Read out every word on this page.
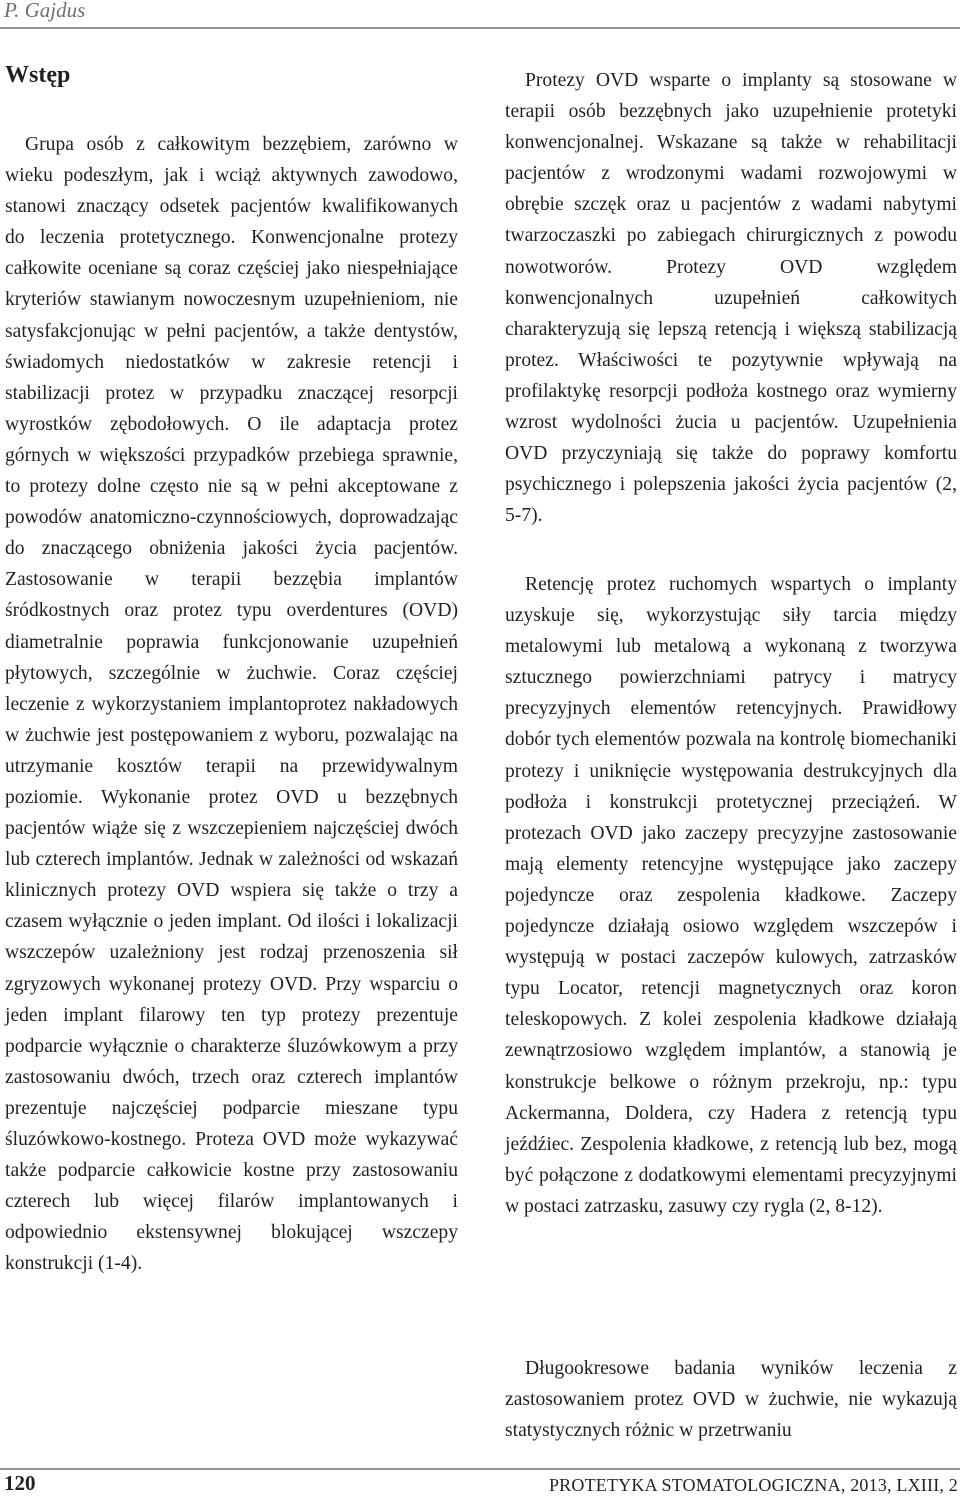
P. Gajdus
Wstęp

Grupa osób z całkowitym bezzębiem, zarówno w wieku podeszłym, jak i wciąż aktywnych zawodowo, stanowi znaczący odsetek pacjentów kwalifikowanych do leczenia protetycznego. Konwencjonalne protezy całkowite oceniane są coraz częściej jako niespełniające kryteriów stawianym nowoczesnym uzupełnieniom, nie satysfakcjonując w pełni pacjentów, a także dentystów, świadomych niedostatków w zakresie retencji i stabilizacji protez w przypadku znaczącej resorpcji wyrostków zębodołowych. O ile adaptacja protez górnych w większości przypadków przebiega sprawnie, to protezy dolne często nie są w pełni akceptowane z powodów anatomiczno-czynnościowych, doprowadzając do znaczącego obniżenia jakości życia pacjentów. Zastosowanie w terapii bezzębia implantów śródkostnych oraz protez typu overdentures (OVD) diametralnie poprawia funkcjonowanie uzupełnień płytowych, szczególnie w żuchwie. Coraz częściej leczenie z wykorzystaniem implantoprotez nakładowych w żuchwie jest postępowaniem z wyboru, pozwalając na utrzymanie kosztów terapii na przewidywalnym poziomie. Wykonanie protez OVD u bezzębnych pacjentów wiąże się z wszczepieniem najczęściej dwóch lub czterech implantów. Jednak w zależności od wskazań klinicznych protezy OVD wspiera się także o trzy a czasem wyłącznie o jeden implant. Od ilości i lokalizacji wszczepów uzależniony jest rodzaj przenoszenia sił zgryzowych wykonanej protezy OVD. Przy wsparciu o jeden implant filarowy ten typ protezy prezentuje podparcie wyłącznie o charakterze śluzówkowym a przy zastosowaniu dwóch, trzech oraz czterech implantów prezentuje najczęściej podparcie mieszane typu śluzówkowo-kostnego. Proteza OVD może wykazywać także podparcie całkowicie kostne przy zastosowaniu czterech lub więcej filarów implantowanych i odpowiednio ekstensywnej blokującej wszczepy konstrukcji (1-4).

Protezy OVD wsparte o implanty są stosowane w terapii osób bezzębnych jako uzupełnienie protetyki konwencjonalnej. Wskazane są także w rehabilitacji pacjentów z wrodzonymi wadami rozwojowymi w obrębie szczęk oraz u pacjentów z wadami nabytymi twarzoczaszki po zabiegach chirurgicznych z powodu nowotworów. Protezy OVD względem konwencjonalnych uzupełnień całkowitych charakteryzują się lepszą retencją i większą stabilizacją protez. Właściwości te pozytywnie wpływają na profilaktykę resorpcji podłoża kostnego oraz wymierny wzrost wydolności żucia u pacjentów. Uzupełnienia OVD przyczyniają się także do poprawy komfortu psychicznego i polepszenia jakości życia pacjentów (2, 5-7).

Retencję protez ruchomych wspartych o implanty uzyskuje się, wykorzystując siły tarcia między metalowymi lub metalową a wykonaną z tworzywa sztucznego powierzchniami patrycy i matrycy precyzyjnych elementów retencyjnych. Prawidłowy dobór tych elementów pozwala na kontrolę biomechaniki protezy i uniknięcie występowania destrukcyjnych dla podłoża i konstrukcji protetycznej przeciążeń. W protezach OVD jako zaczepy precyzyjne zastosowanie mają elementy retencyjne występujące jako zaczepy pojedyncze oraz zespolenia kładkowe. Zaczepy pojedyncze działają osiowo względem wszczepów i występują w postaci zaczepów kulowych, zatrzasków typu Locator, retencji magnetycznych oraz koron teleskopowych. Z kolei zespolenia kładkowe działają zewnątrzosiowo względem implantów, a stanowią je konstrukcje belkowe o różnym przekroju, np.: typu Ackermanna, Doldera, czy Hadera z retencją typu jeźdźiec. Zespolenia kładkowe, z retencją lub bez, mogą być połączone z dodatkowymi elementami precyzyjnymi w postaci zatrzasku, zasuwy czy rygla (2, 8-12).

Długookresowe badania wyników leczenia z zastosowaniem protez OVD w żuchwie, nie wykazują statystycznych różnic w przetrwaniu

120	PROTETYKA STOMATOLOGICZNA, 2013, LXIII, 2
